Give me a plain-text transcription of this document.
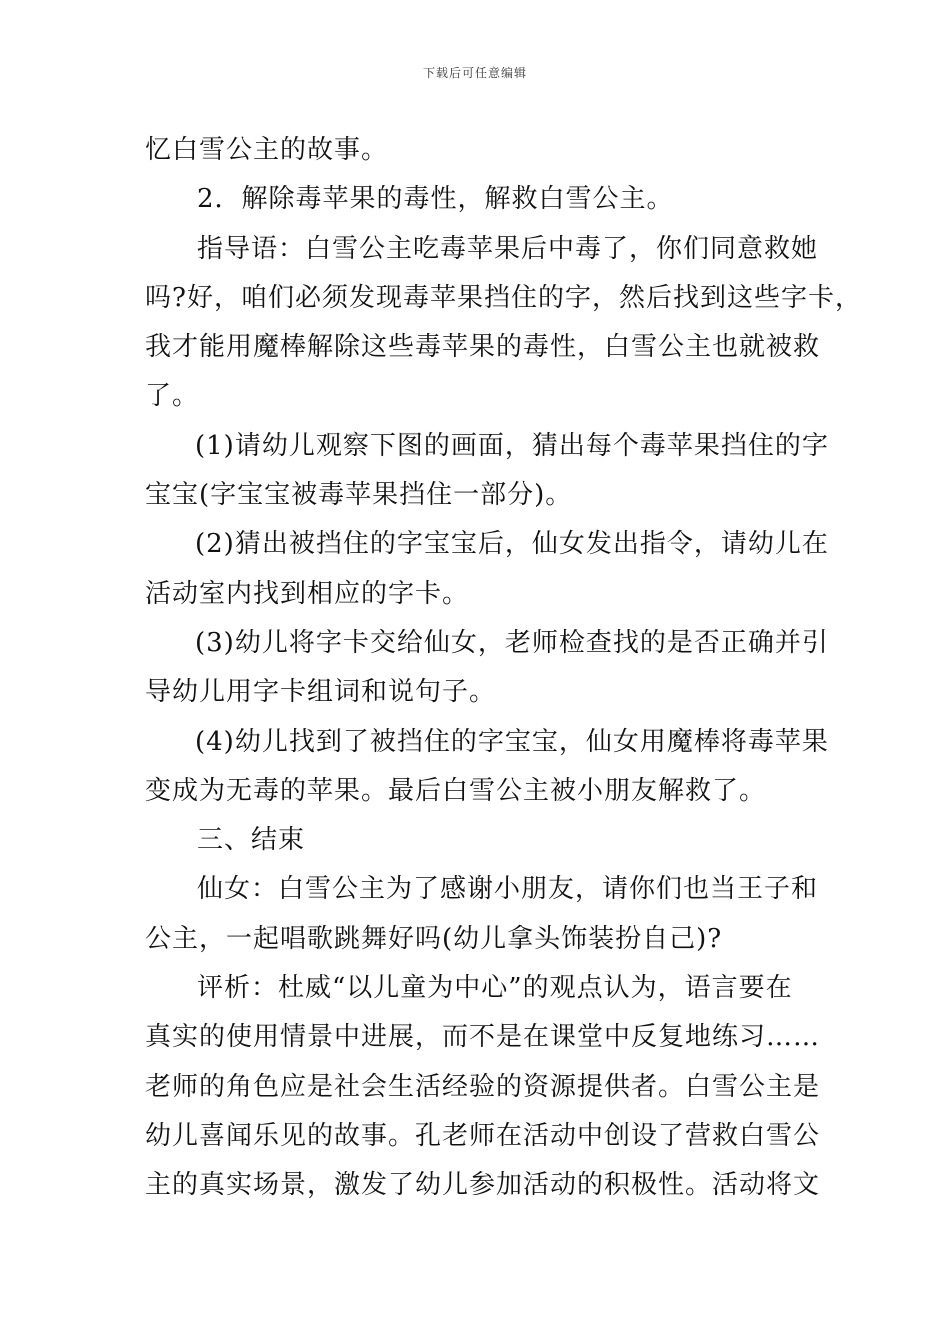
下载后可任意编辑
忆白雪公主的故事。
2．解除毒苹果的毒性，解救白雪公主。
指导语：白雪公主吃毒苹果后中毒了，你们同意救她
吗?好，咱们必须发现毒苹果挡住的字，然后找到这些字卡，
我才能用魔棒解除这些毒苹果的毒性，白雪公主也就被救
了。
(1)请幼儿观察下图的画面，猜出每个毒苹果挡住的字
宝宝(字宝宝被毒苹果挡住一部分)。
(2)猜出被挡住的字宝宝后，仙女发出指令，请幼儿在
活动室内找到相应的字卡。
(3)幼儿将字卡交给仙女，老师检查找的是否正确并引
导幼儿用字卡组词和说句子。
(4)幼儿找到了被挡住的字宝宝，仙女用魔棒将毒苹果
变成为无毒的苹果。最后白雪公主被小朋友解救了。
三、结束
仙女：白雪公主为了感谢小朋友，请你们也当王子和
公主，一起唱歌跳舞好吗(幼儿拿头饰装扮自己)?
评析：杜威“以儿童为中心”的观点认为，语言要在
真实的使用情景中进展，而不是在课堂中反复地练习……
老师的角色应是社会生活经验的资源提供者。白雪公主是
幼儿喜闻乐见的故事。孔老师在活动中创设了营救白雪公
主的真实场景，激发了幼儿参加活动的积极性。活动将文
